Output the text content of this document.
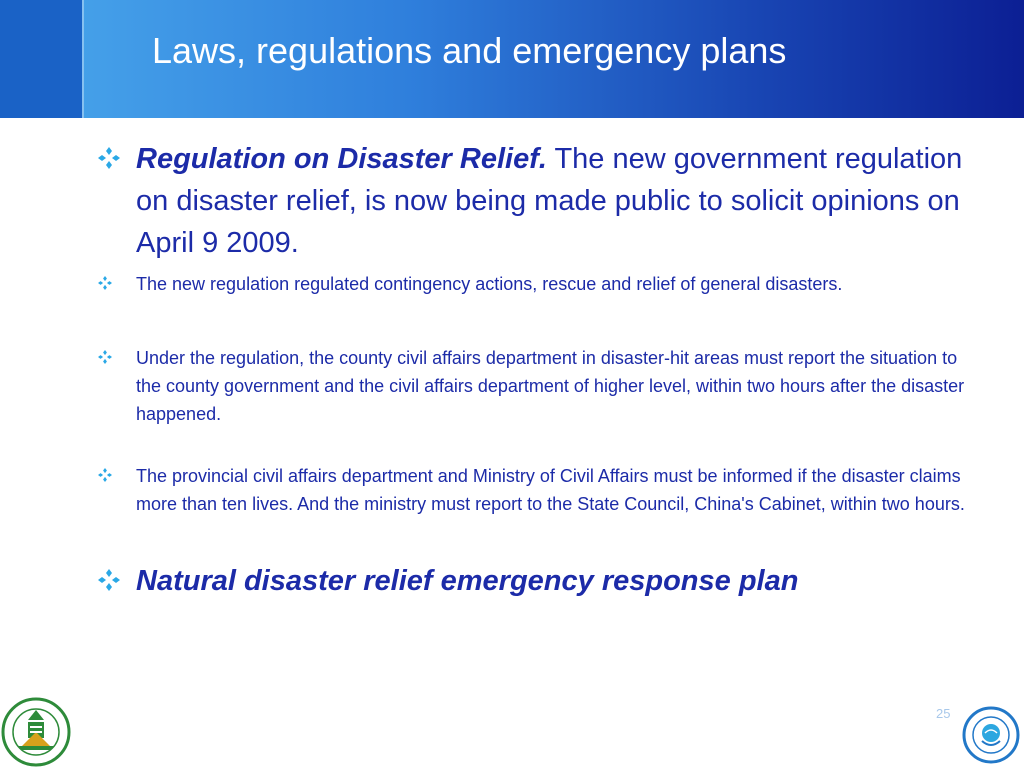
Laws, regulations and emergency plans
Regulation on Disaster Relief. The new government regulation on disaster relief, is now being made public to solicit opinions on April 9 2009.
The new regulation regulated contingency actions, rescue and relief of general disasters.
Under the regulation, the county civil affairs department in disaster-hit areas must report the situation to the county government and the civil affairs department of higher level, within two hours after the disaster happened.
The provincial civil affairs department and Ministry of Civil Affairs must be informed if the disaster claims more than ten lives. And the ministry must report to the State Council, China's Cabinet, within two hours.
Natural disaster relief emergency response plan
25
